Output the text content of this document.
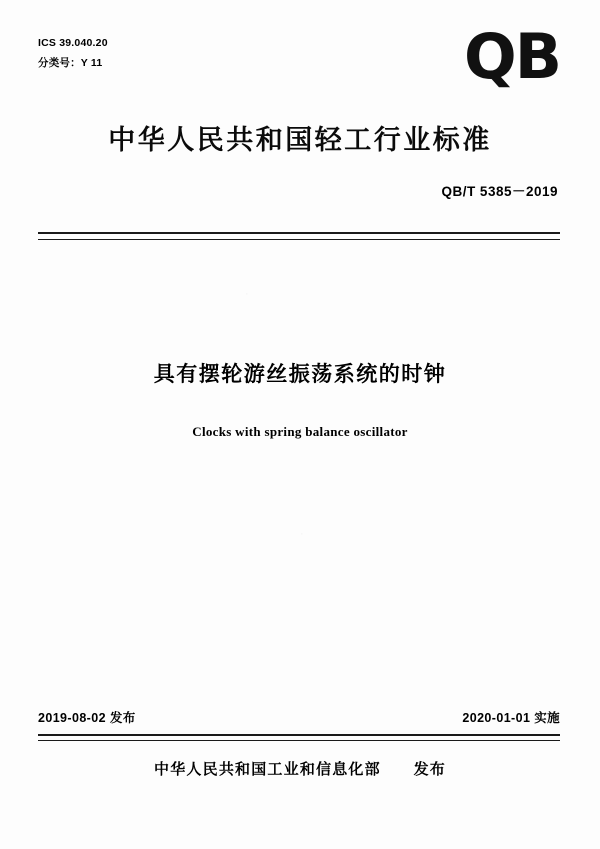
ICS 39.040.20
分类号：Y 11	QB
中华人民共和国轻工行业标准
QB/T 5385－2019
具有摆轮游丝振荡系统的时钟
Clocks with spring balance oscillator
·
·
2019-08-02 发布	2020-01-01 实施
中华人民共和国工业和信息化部 发布
